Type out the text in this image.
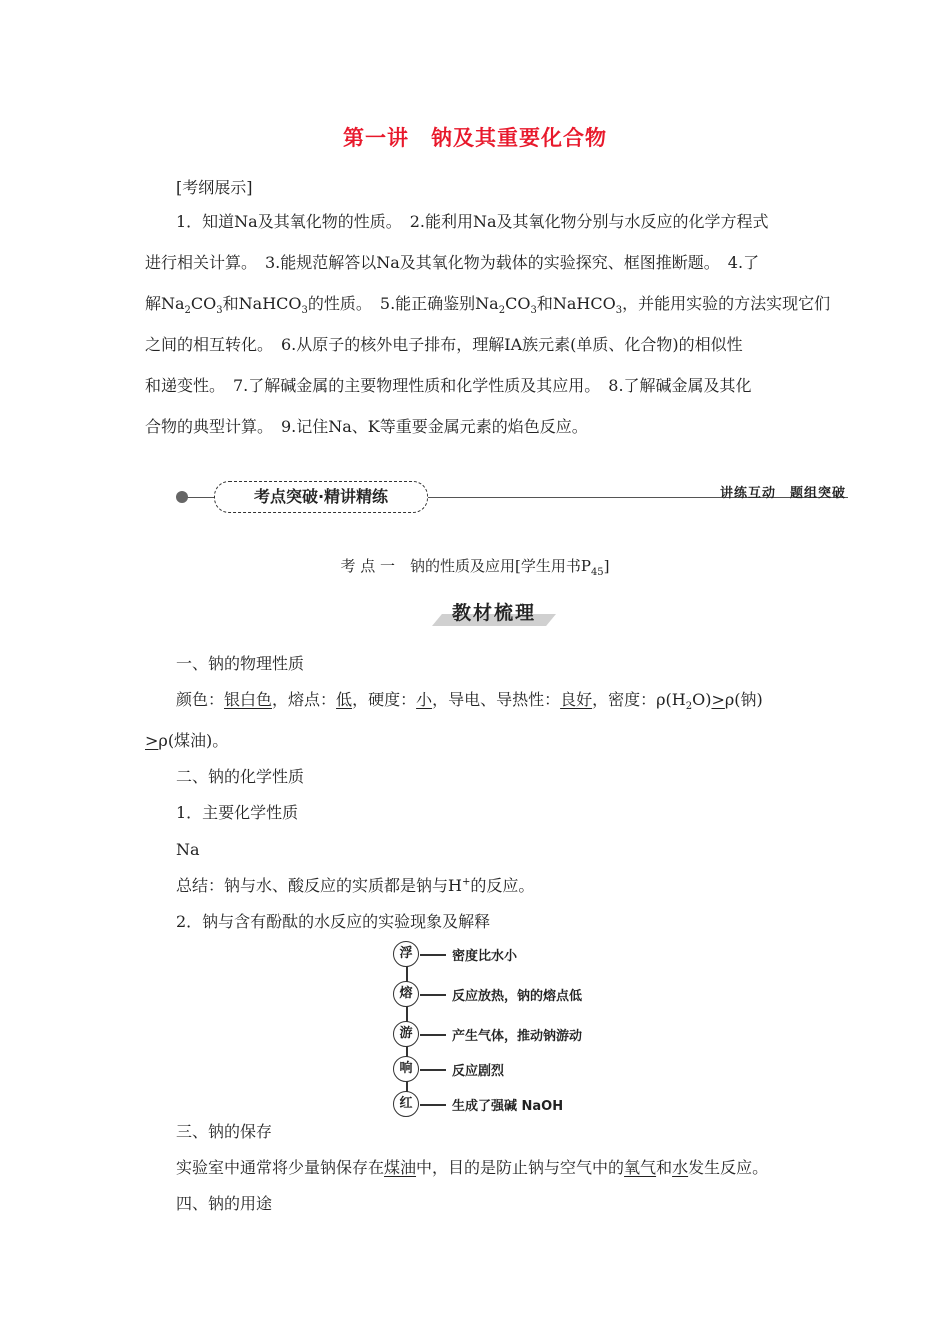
第一讲　钠及其重要化合物
[考纲展示]
1．知道Na及其氧化物的性质。　2.能利用Na及其氧化物分别与水反应的化学方程式
进行相关计算。　3.能规范解答以Na及其氧化物为载体的实验探究、框图推断题。　4.了
解$Na_2CO_3$和NaHCO$_3$的性质。　5.能正确鉴别$Na_2CO_3$和NaHCO$_3$，并能用实验的方法实现它们
之间的相互转化。　6.从原子的核外电子排布，理解ⅠA族元素(单质、化合物)的相似性
和递变性。　7.了解碱金属的主要物理性质和化学性质及其应用。　8.了解碱金属及其化
合物的典型计算。　9.记住Na、K等重要金属元素的焰色反应。
考点突破·精讲精练	讲练互动　题组突破
考 点 一　钠的性质及应用[学生用书$P_{45}$]
教材梳理
一、钠的物理性质
颜色：银白色，熔点：低，硬度：小，导电、导热性：良好，密度：$\rho(H_2O)>\rho$(钠)
>ρ(煤油)。
二、钠的化学性质
1．主要化学性质
Na
总结：钠与水、酸反应的实质都是钠与H+的反应。
2．钠与含有酚酞的水反应的实验现象及解释
浮	密度比水小
熔	反应放热，钠的熔点低
游	产生气体，推动钠游动
响	反应剧烈
红	生成了强碱 NaOH
三、钠的保存
实验室中通常将少量钠保存在煤油中，目的是防止钠与空气中的氧气和水发生反应。
四、钠的用途
